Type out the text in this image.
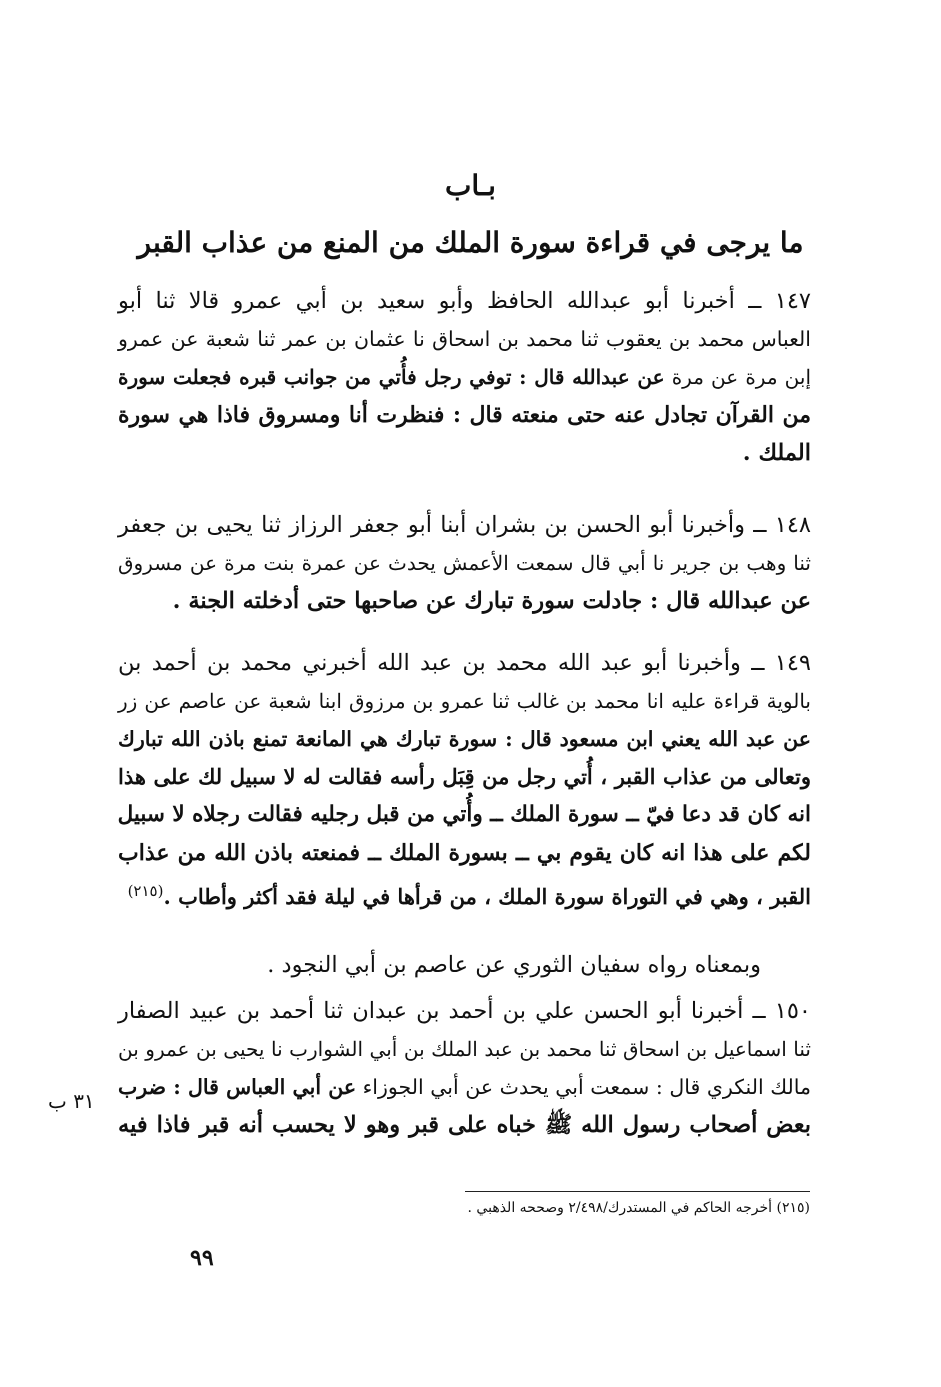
بـاب
ما يرجى في قراءة سورة الملك من المنع من عذاب القبر
١٤٧ ــ أخبرنا أبو عبدالله الحافظ وأبو سعيد بن أبي عمرو قالا ثنا أبو
العباس محمد بن يعقوب ثنا محمد بن اسحاق نا عثمان بن عمر ثنا شعبة عن عمرو
إبن مرة عن مرة عن عبدالله قال : توفي رجل فأُتي من جوانب قبره فجعلت سورة
من القرآن تجادل عنه حتى منعته قال : فنظرت أنا ومسروق فاذا هي سورة
الملك .
١٤٨ ــ وأخبرنا أبو الحسن بن بشران أبنا أبو جعفر الرزاز ثنا يحيى بن جعفر
ثنا وهب بن جرير نا أبي قال سمعت الأعمش يحدث عن عمرة بنت مرة عن مسروق
عن عبدالله قال : جادلت سورة تبارك عن صاحبها حتى أدخلته الجنة .
١٤٩ ــ وأخبرنا أبو عبد الله محمد بن عبد الله أخبرني محمد بن أحمد بن
بالوية قراءة عليه انا محمد بن غالب ثنا عمرو بن مرزوق ابنا شعبة عن عاصم عن زر
عن عبد الله يعني ابن مسعود قال : سورة تبارك هي المانعة تمنع باذن الله تبارك
وتعالى من عذاب القبر ، أُتي رجل من قِبَل رأسه فقالت له لا سبيل لك على هذا
انه كان قد دعا فيّ ــ سورة الملك ــ وأُتي من قبل رجليه فقالت رجلاه لا سبيل
لكم على هذا انه كان يقوم بي ــ بسورة الملك ــ فمنعته باذن الله من عذاب
القبر ، وهي في التوراة سورة الملك ، من قرأها في ليلة فقد أكثر وأطاب .$^{(٢١٥)}$
وبمعناه رواه سفيان الثوري عن عاصم بن أبي النجود .
١٥٠ ــ أخبرنا أبو الحسن علي بن أحمد بن عبدان ثنا أحمد بن عبيد الصفار
ثنا اسماعيل بن اسحاق ثنا محمد بن عبد الملك بن أبي الشوارب نا يحيى بن عمرو بن
مالك النكري قال : سمعت أبي يحدث عن أبي الجوزاء عن أبي العباس قال : ضرب
بعض أصحاب رسول الله ﷺ خباه على قبر وهو لا يحسب أنه قبر فاذا فيه
٣١ ب
(٢١٥) أخرجه الحاكم في المستدرك/٢/٤٩٨ وصححه الذهبي .
٩٩
